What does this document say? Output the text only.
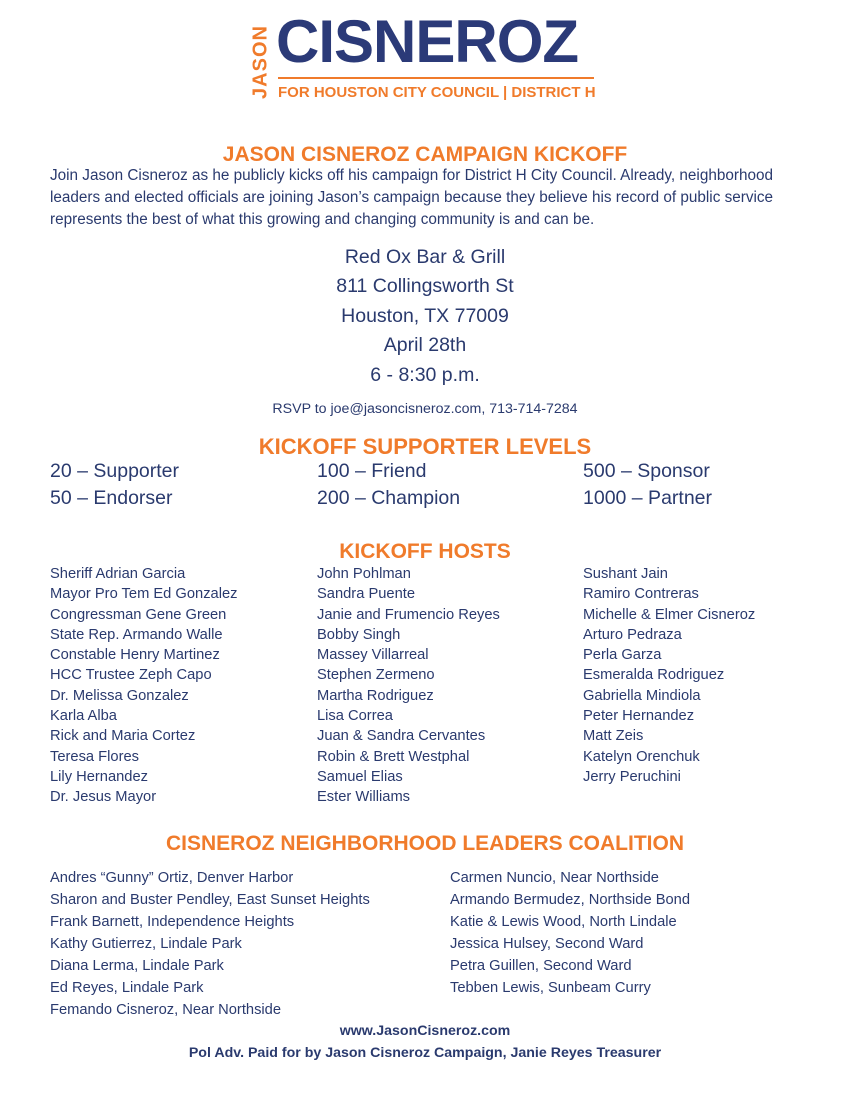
JASON CISNEROZ
FOR HOUSTON CITY COUNCIL | DISTRICT H
JASON CISNEROZ CAMPAIGN KICKOFF
Join Jason Cisneroz as he publicly kicks off his campaign for District H City Council. Already, neighborhood leaders and elected officials are joining Jason’s campaign because they believe his record of public service represents the best of what this growing and changing community is and can be.
Red Ox Bar & Grill
811 Collingsworth St
Houston, TX 77009
April 28th
6 - 8:30 p.m.
RSVP to joe@jasoncisneroz.com, 713-714-7284
KICKOFF SUPPORTER LEVELS
20 – Supporter
50 – Endorser
100 – Friend
200 – Champion
500 – Sponsor
1000 – Partner
KICKOFF HOSTS
Sheriff Adrian Garcia
Mayor Pro Tem Ed Gonzalez
Congressman Gene Green
State Rep. Armando Walle
Constable Henry Martinez
HCC Trustee Zeph Capo
Dr. Melissa Gonzalez
Karla Alba
Rick and Maria Cortez
Teresa Flores
Lily Hernandez
Dr. Jesus Mayor
John Pohlman
Sandra Puente
Janie and Frumencio Reyes
Bobby Singh
Massey Villarreal
Stephen Zermeno
Martha Rodriguez
Lisa Correa
Juan & Sandra Cervantes
Robin & Brett Westphal
Samuel Elias
Ester Williams
Sushant Jain
Ramiro Contreras
Michelle & Elmer Cisneroz
Arturo Pedraza
Perla Garza
Esmeralda Rodriguez
Gabriella Mindiola
Peter Hernandez
Matt Zeis
Katelyn Orenchuk
Jerry Peruchini
CISNEROZ NEIGHBORHOOD LEADERS COALITION
Andres “Gunny” Ortiz, Denver Harbor
Sharon and Buster Pendley, East Sunset Heights
Frank Barnett, Independence Heights
Kathy Gutierrez, Lindale Park
Diana Lerma, Lindale Park
Ed Reyes, Lindale Park
Femando Cisneroz, Near Northside
Carmen Nuncio, Near Northside
Armando Bermudez, Northside Bond
Katie & Lewis Wood, North Lindale
Jessica Hulsey, Second Ward
Petra Guillen, Second Ward
Tebben Lewis, Sunbeam Curry
www.JasonCisneroz.com
Pol Adv. Paid for by Jason Cisneroz Campaign, Janie Reyes Treasurer
